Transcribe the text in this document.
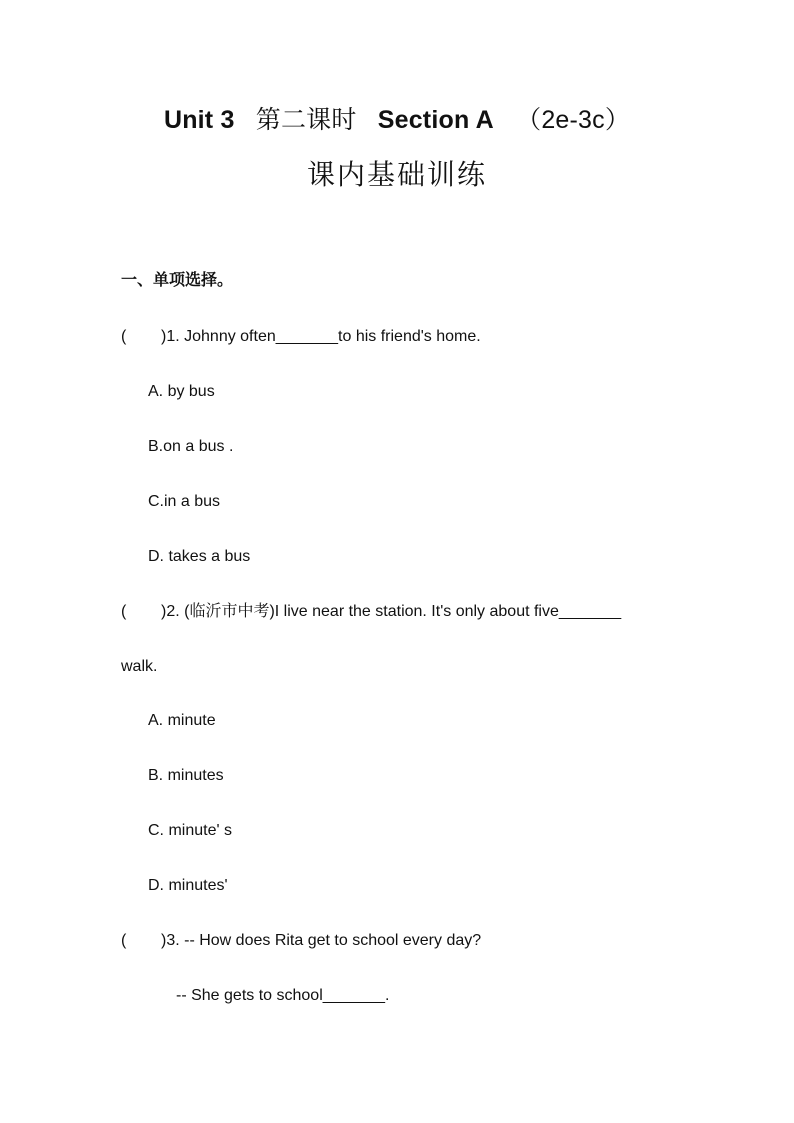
Unit 3 第二课时 Section A （2e-3c）
课内基础训练
一、单项选择。
( )1. Johnny often_______to his friend's home.
A. by bus
B.on a bus .
C.in a bus
D. takes a bus
( )2. (临沂市中考)I live near the station. It's only about five_______
walk.
A. minute
B. minutes
C. minute' s
D. minutes'
( )3. -- How does Rita get to school every day?
-- She gets to school_______.
